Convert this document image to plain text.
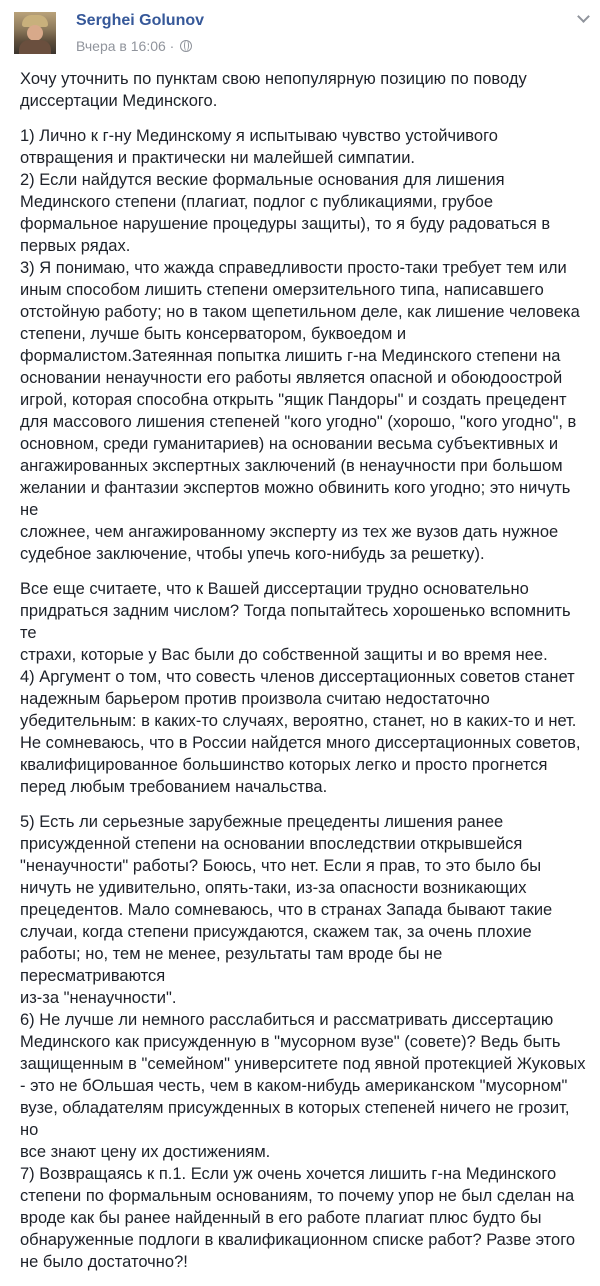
Serghei Golunov
Вчера в 16:06 ·

Хочу уточнить по пунктам свою непопулярную позицию по поводу
диссертации Мединского.

1) Лично к г-ну Мединскому я испытываю чувство устойчивого
отвращения и практически ни малейшей симпатии.
2) Если найдутся веские формальные основания для лишения
Мединского степени (плагиат, подлог с публикациями, грубое
формальное нарушение процедуры защиты), то я буду радоваться в
первых рядах.
3) Я понимаю, что жажда справедливости просто-таки требует тем или
иным способом лишить степени омерзительного типа, написавшего
отстойную работу; но в таком щепетильном деле, как лишение человека
степени, лучше быть консерватором, буквоедом и
формалистом.Затеянная попытка лишить г-на Мединского степени на
основании ненаучности его работы является опасной и обоюдоострой
игрой, которая способна открыть "ящик Пандоры" и создать прецедент
для массового лишения степеней "кого угодно" (хорошо, "кого угодно", в
основном, среди гуманитариев) на основании весьма субъективных и
ангажированных экспертных заключений (в ненаучности при большом
желании и фантазии экспертов можно обвинить кого угодно; это ничуть не
сложнее, чем ангажированному эксперту из тех же вузов дать нужное
судебное заключение, чтобы упечь кого-нибудь за решетку).

Все еще считаете, что к Вашей диссертации трудно основательно
придраться задним числом? Тогда попытайтесь хорошенько вспомнить те
страхи, которые у Вас были до собственной защиты и во время нее.
4) Аргумент о том, что совесть членов диссертационных советов станет
надежным барьером против произвола считаю недостаточно
убедительным: в каких-то случаях, вероятно, станет, но в каких-то и нет.
Не сомневаюсь, что в России найдется много диссертационных советов,
квалифицированное большинство которых легко и просто прогнется
перед любым требованием начальства.

5) Есть ли серьезные зарубежные прецеденты лишения ранее
присужденной степени на основании впоследствии открывшейся
"ненаучности" работы? Боюсь, что нет. Если я прав, то это было бы
ничуть не удивительно, опять-таки, из-за опасности возникающих
прецедентов. Мало сомневаюсь, что в странах Запада бывают такие
случаи, когда степени присуждаются, скажем так, за очень плохие
работы; но, тем не менее, результаты там вроде бы не пересматриваются
из-за "ненаучности".
6) Не лучше ли немного расслабиться и рассматривать диссертацию
Мединского как присужденную в "мусорном вузе" (совете)? Ведь быть
защищенным в "семейном" университете под явной протекцией Жуковых
- это не бОльшая честь, чем в каком-нибудь американском "мусорном"
вузе, обладателям присужденных в которых степеней ничего не грозит, но
все знают цену их достижениям.
7) Возвращаясь к п.1. Если уж очень хочется лишить г-на Мединского
степени по формальным основаниям, то почему упор не был сделан на
вроде как бы ранее найденный в его работе плагиат плюс будто бы
обнаруженные подлоги в квалификационном списке работ? Разве этого
не было достаточно?!
